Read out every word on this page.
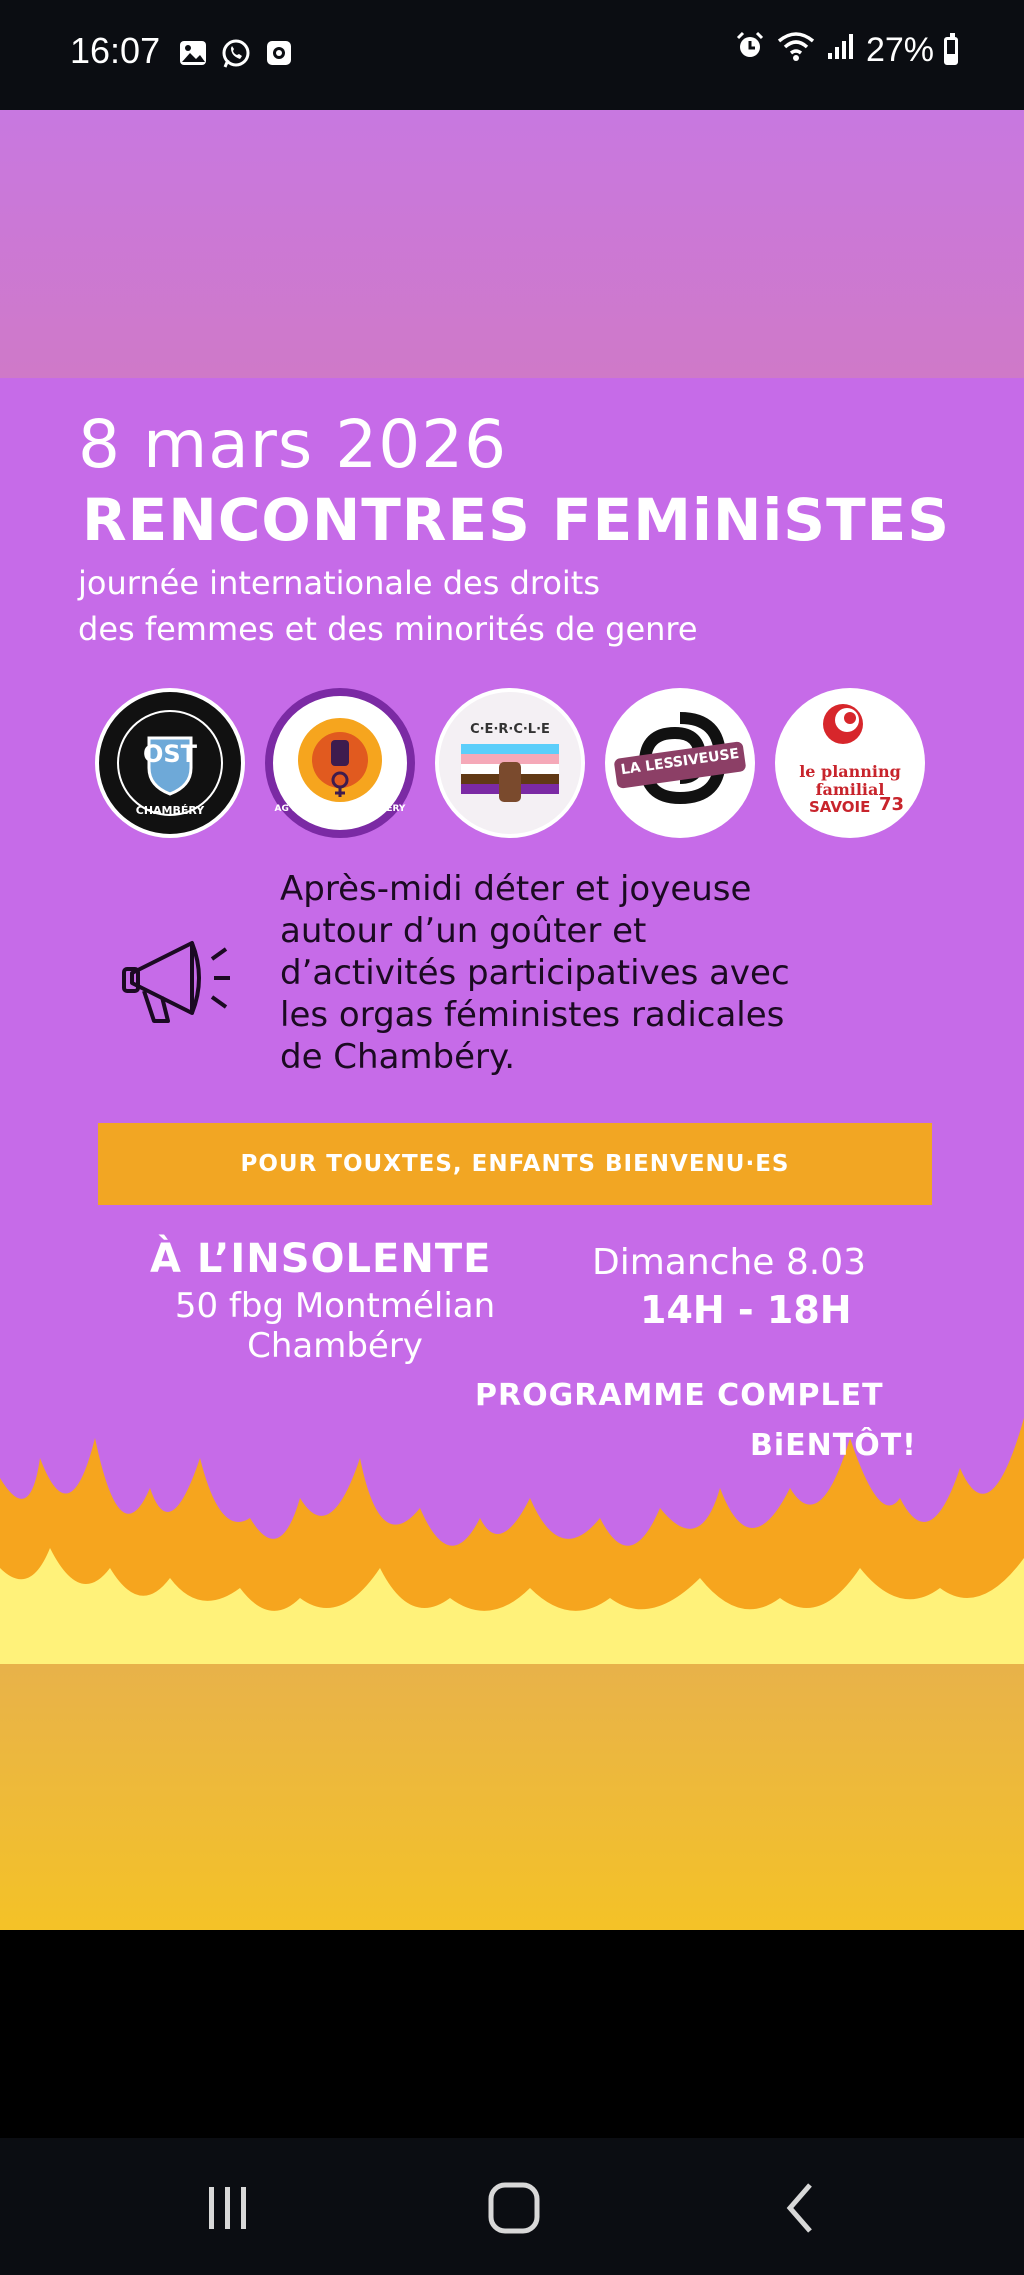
16:07	27%
8 mars 2026
RENCONTRES FEMiNiSTES
journée internationale des droits
des femmes et des minorités de genre
OST
CHAMBÉRY	AG FÉMINISTE CHAMBÉRY
C·E·R·C·L·E
LA LESSIVEUSE	le planning
familial
SAVOIE 73
Après-midi déter et joyeuse
autour d’un goûter et
d’activités participatives avec
les orgas féministes radicales
de Chambéry.
POUR TOUXTES, ENFANTS BIENVENU·ES
À L’INSOLENTE
50 fbg Montmélian
Chambéry
Dimanche 8.03
14H - 18H
PROGRAMME COMPLET
BiENTÔT!
